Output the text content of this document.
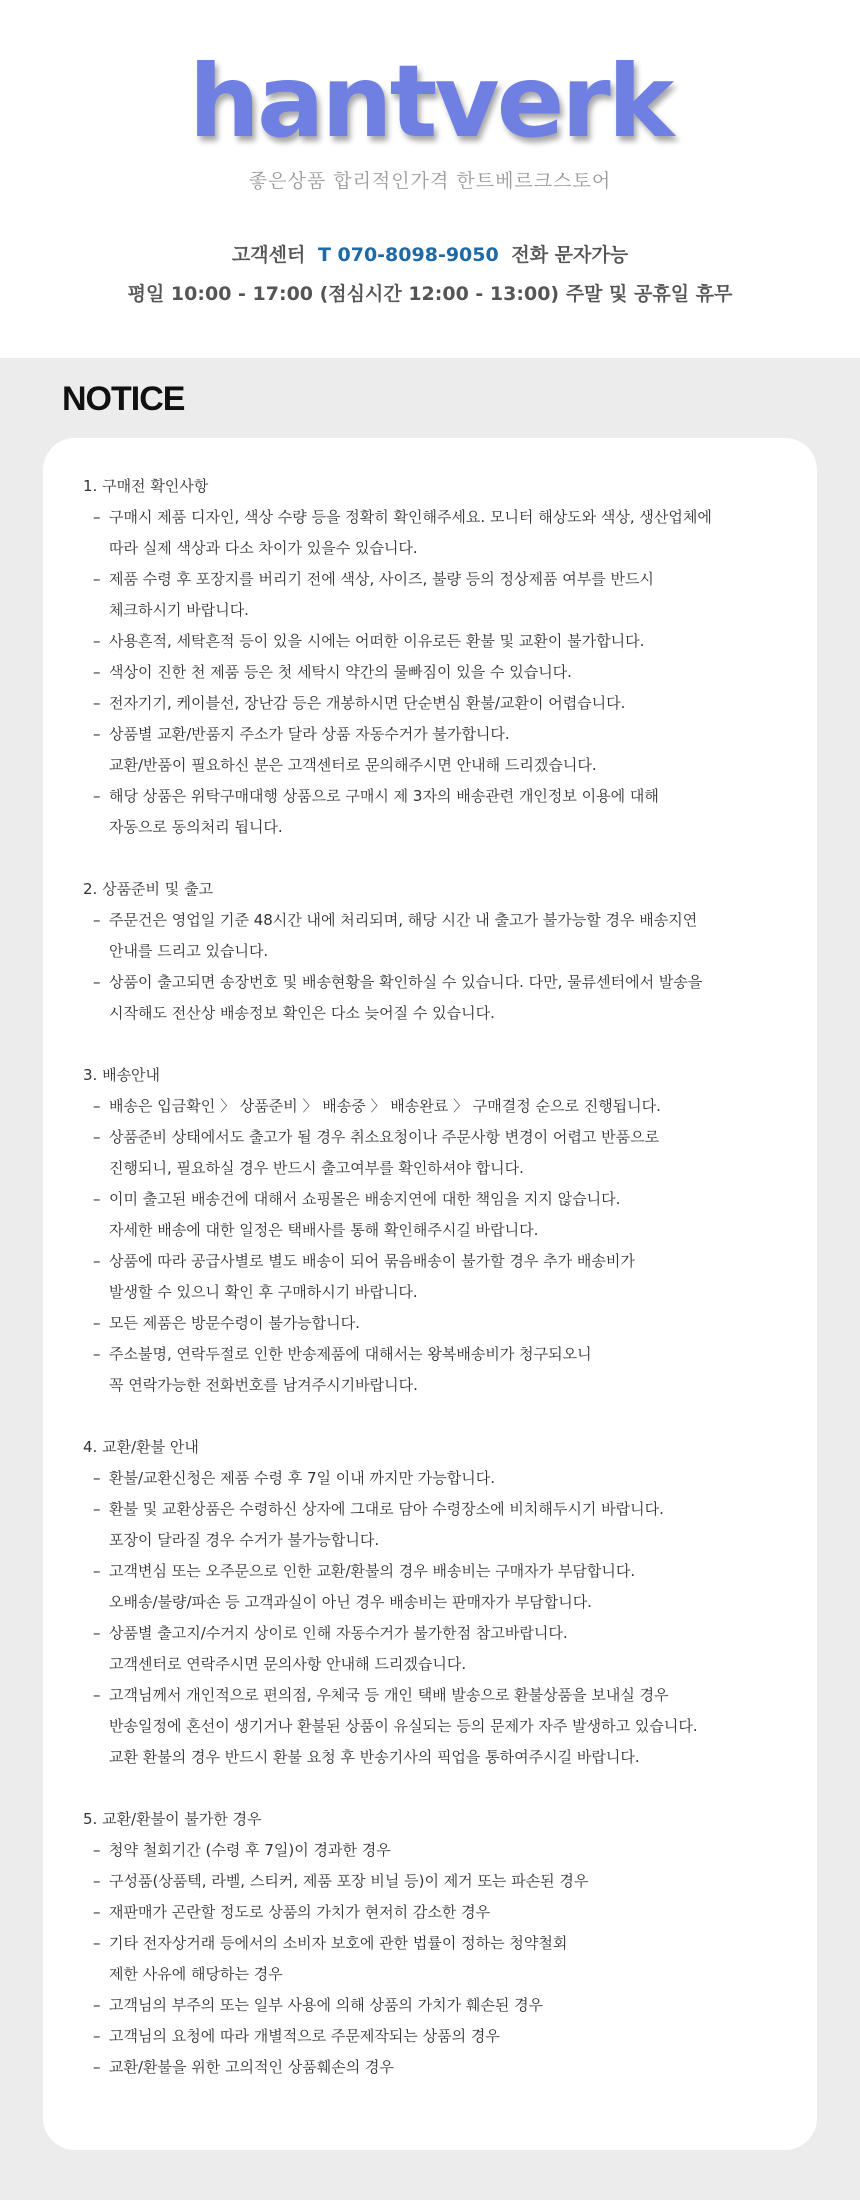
hantverk
좋은상품 합리적인가격 한트베르크스토어
고객센터 T 070-8098-9050 전화 문자가능
평일 10:00 - 17:00 (점심시간 12:00 - 13:00) 주말 및 공휴일 휴무
NOTICE
1. 구매전 확인사항
– 구매시 제품 디자인, 색상 수량 등을 정확히 확인해주세요. 모니터 해상도와 색상, 생산업체에
따라 실제 색상과 다소 차이가 있을수 있습니다.
– 제품 수령 후 포장지를 버리기 전에 색상, 사이즈, 불량 등의 정상제품 여부를 반드시
체크하시기 바랍니다.
– 사용흔적, 세탁흔적 등이 있을 시에는 어떠한 이유로든 환불 및 교환이 불가합니다.
– 색상이 진한 천 제품 등은 첫 세탁시 약간의 물빠짐이 있을 수 있습니다.
– 전자기기, 케이블선, 장난감 등은 개봉하시면 단순변심 환불/교환이 어렵습니다.
– 상품별 교환/반품지 주소가 달라 상품 자동수거가 불가합니다.
교환/반품이 필요하신 분은 고객센터로 문의해주시면 안내해 드리겠습니다.
– 해당 상품은 위탁구매대행 상품으로 구매시 제 3자의 배송관련 개인정보 이용에 대해
자동으로 동의처리 됩니다.
2. 상품준비 및 출고
– 주문건은 영업일 기준 48시간 내에 처리되며, 해당 시간 내 출고가 불가능할 경우 배송지연
안내를 드리고 있습니다.
– 상품이 출고되면 송장번호 및 배송현황을 확인하실 수 있습니다. 다만, 물류센터에서 발송을
시작해도 전산상 배송정보 확인은 다소 늦어질 수 있습니다.
3. 배송안내
– 배송은 입금확인 〉 상품준비 〉 배송중 〉 배송완료 〉 구매결정 순으로 진행됩니다.
– 상품준비 상태에서도 출고가 될 경우 취소요청이나 주문사항 변경이 어렵고 반품으로
진행되니, 필요하실 경우 반드시 출고여부를 확인하셔야 합니다.
– 이미 출고된 배송건에 대해서 쇼핑몰은 배송지연에 대한 책임을 지지 않습니다.
자세한 배송에 대한 일정은 택배사를 통해 확인해주시길 바랍니다.
– 상품에 따라 공급사별로 별도 배송이 되어 묶음배송이 불가할 경우 추가 배송비가
발생할 수 있으니 확인 후 구매하시기 바랍니다.
– 모든 제품은 방문수령이 불가능합니다.
– 주소불명, 연락두절로 인한 반송제품에 대해서는 왕복배송비가 청구되오니
꼭 연락가능한 전화번호를 남겨주시기바랍니다.
4. 교환/환불 안내
– 환불/교환신청은 제품 수령 후 7일 이내 까지만 가능합니다.
– 환불 및 교환상품은 수령하신 상자에 그대로 담아 수령장소에 비치해두시기 바랍니다.
포장이 달라질 경우 수거가 불가능합니다.
– 고객변심 또는 오주문으로 인한 교환/환불의 경우 배송비는 구매자가 부담합니다.
오배송/불량/파손 등 고객과실이 아닌 경우 배송비는 판매자가 부담합니다.
– 상품별 출고지/수거지 상이로 인해 자동수거가 불가한점 참고바랍니다.
고객센터로 연락주시면 문의사항 안내해 드리겠습니다.
– 고객님께서 개인적으로 편의점, 우체국 등 개인 택배 발송으로 환불상품을 보내실 경우
반송일정에 혼선이 생기거나 환불된 상품이 유실되는 등의 문제가 자주 발생하고 있습니다.
교환 환불의 경우 반드시 환불 요청 후 반송기사의 픽업을 통하여주시길 바랍니다.
5. 교환/환불이 불가한 경우
– 청약 철회기간 (수령 후 7일)이 경과한 경우
– 구성품(상품텍, 라벨, 스티커, 제품 포장 비닐 등)이 제거 또는 파손된 경우
– 재판매가 곤란할 정도로 상품의 가치가 현저히 감소한 경우
– 기타 전자상거래 등에서의 소비자 보호에 관한 법률이 정하는 청약철회
제한 사유에 해당하는 경우
– 고객님의 부주의 또는 일부 사용에 의해 상품의 가치가 훼손된 경우
– 고객님의 요청에 따라 개별적으로 주문제작되는 상품의 경우
– 교환/환불을 위한 고의적인 상품훼손의 경우
